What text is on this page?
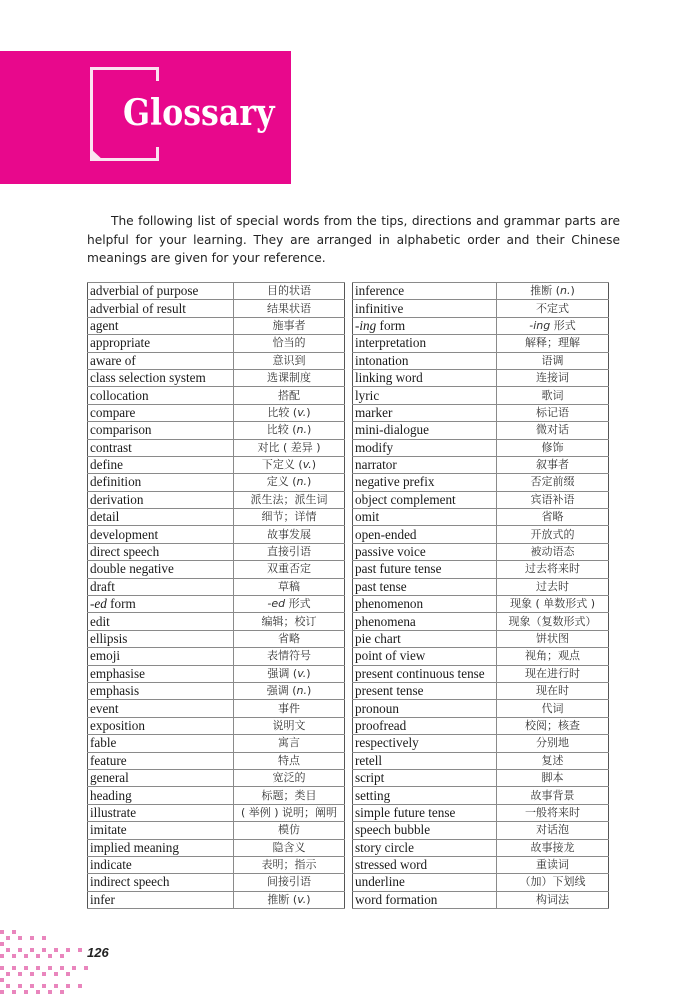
Glossary
The following list of special words from the tips, directions and grammar parts are helpful for your learning. They are arranged in alphabetic order and their Chinese meanings are given for your reference.
adverbial of purpose	目的状语
adverbial of result	结果状语
agent	施事者
appropriate	恰当的
aware of	意识到
class selection system	选课制度
collocation	搭配
compare	比较 (v.)
comparison	比较 (n.)
contrast	对比 ( 差异 )
define	下定义 (v.)
definition	定义 (n.)
derivation	派生法；派生词
detail	细节；详情
development	故事发展
direct speech	直接引语
double negative	双重否定
draft	草稿
-ed form	-ed 形式
edit	编辑；校订
ellipsis	省略
emoji	表情符号
emphasise	强调 (v.)
emphasis	强调 (n.)
event	事件
exposition	说明文
fable	寓言
feature	特点
general	宽泛的
heading	标题；类目
illustrate	( 举例 ) 说明；阐明
imitate	模仿
implied meaning	隐含义
indicate	表明；指示
indirect speech	间接引语
infer	推断 (v.)
inference	推断 (n.)
infinitive	不定式
-ing form	-ing 形式
interpretation	解释；理解
intonation	语调
linking word	连接词
lyric	歌词
marker	标记语
mini-dialogue	微对话
modify	修饰
narrator	叙事者
negative prefix	否定前缀
object complement	宾语补语
omit	省略
open-ended	开放式的
passive voice	被动语态
past future tense	过去将来时
past tense	过去时
phenomenon	现象 ( 单数形式 )
phenomena	现象（复数形式）
pie chart	饼状图
point of view	视角；观点
present continuous tense	现在进行时
present tense	现在时
pronoun	代词
proofread	校阅；核查
respectively	分别地
retell	复述
script	脚本
setting	故事背景
simple future tense	一般将来时
speech bubble	对话泡
story circle	故事接龙
stressed word	重读词
underline	（加）下划线
word formation	构词法
126
